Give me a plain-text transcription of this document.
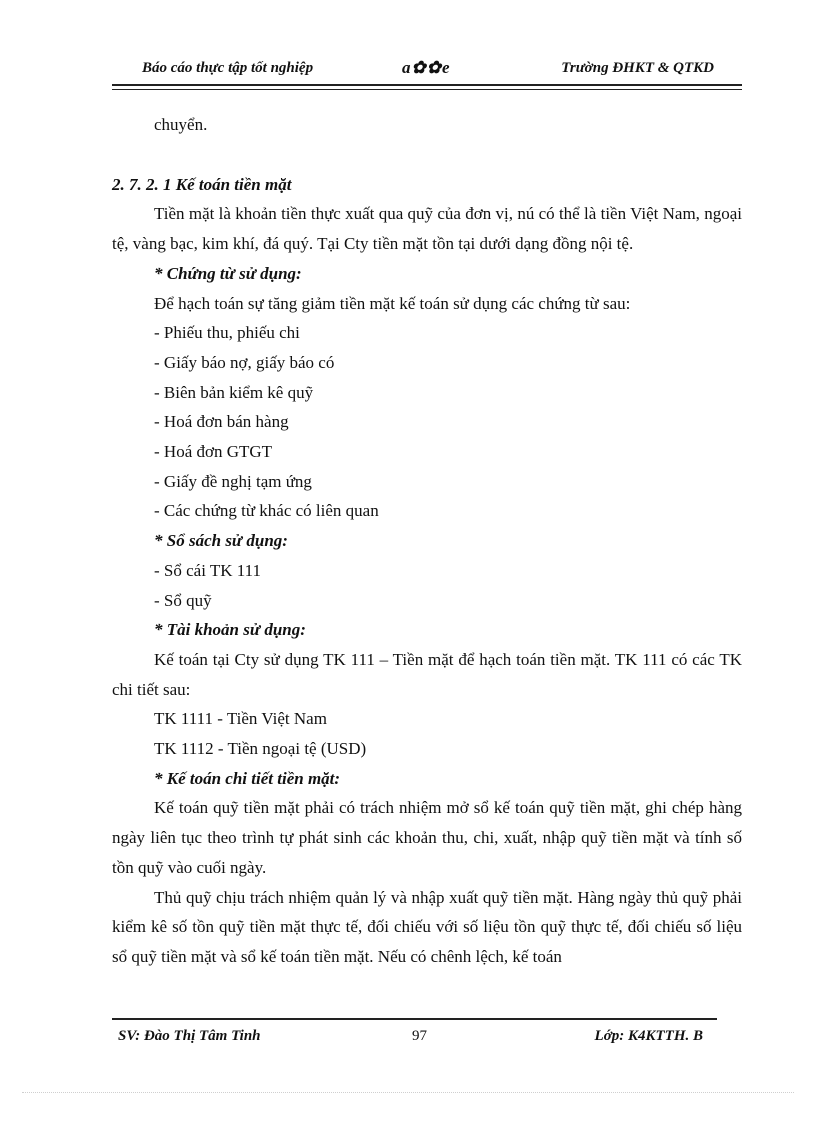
Báo cáo thực tập tốt nghiệp	a✿✿e	Trường ĐHKT & QTKD

chuyển.

2. 7. 2. 1 Kế toán tiền mặt

Tiền mặt là khoản tiền thực xuất qua quỹ của đơn vị, nú có thể là tiền Việt Nam, ngoại tệ, vàng bạc, kim khí, đá quý. Tại Cty tiền mặt tồn tại dưới dạng đồng nội tệ.

* Chứng từ sử dụng:

Để hạch toán sự tăng giảm tiền mặt kế toán sử dụng các chứng từ sau:

- Phiếu thu, phiếu chi

- Giấy báo nợ, giấy báo có

- Biên bản kiểm kê quỹ

- Hoá đơn bán hàng

- Hoá đơn GTGT

- Giấy đề nghị tạm ứng

- Các chứng từ khác có liên quan

* Sổ sách sử dụng:

- Sổ cái TK 111

- Sổ quỹ

* Tài khoản sử dụng:

Kế toán tại Cty sử dụng TK 111 – Tiền mặt để hạch toán tiền mặt. TK 111 có các TK chi tiết sau:

TK 1111 - Tiền Việt Nam

TK 1112 - Tiền ngoại tệ (USD)

* Kế toán chi tiết tiền mặt:

Kế toán quỹ tiền mặt phải có trách nhiệm mở sổ kế toán quỹ tiền mặt, ghi chép hàng ngày liên tục theo trình tự phát sinh các khoản thu, chi, xuất, nhập quỹ tiền mặt và tính số tồn quỹ vào cuối ngày.

Thủ quỹ chịu trách nhiệm quản lý và nhập xuất quỹ tiền mặt. Hàng ngày thủ quỹ phải kiểm kê số tồn quỹ tiền mặt thực tế, đối chiếu với số liệu tồn quỹ thực tế, đối chiếu số liệu sổ quỹ tiền mặt và sổ kế toán tiền mặt. Nếu có chênh lệch, kế toán

SV: Đào Thị Tâm Tinh	97	Lớp: K4KTTH. B
